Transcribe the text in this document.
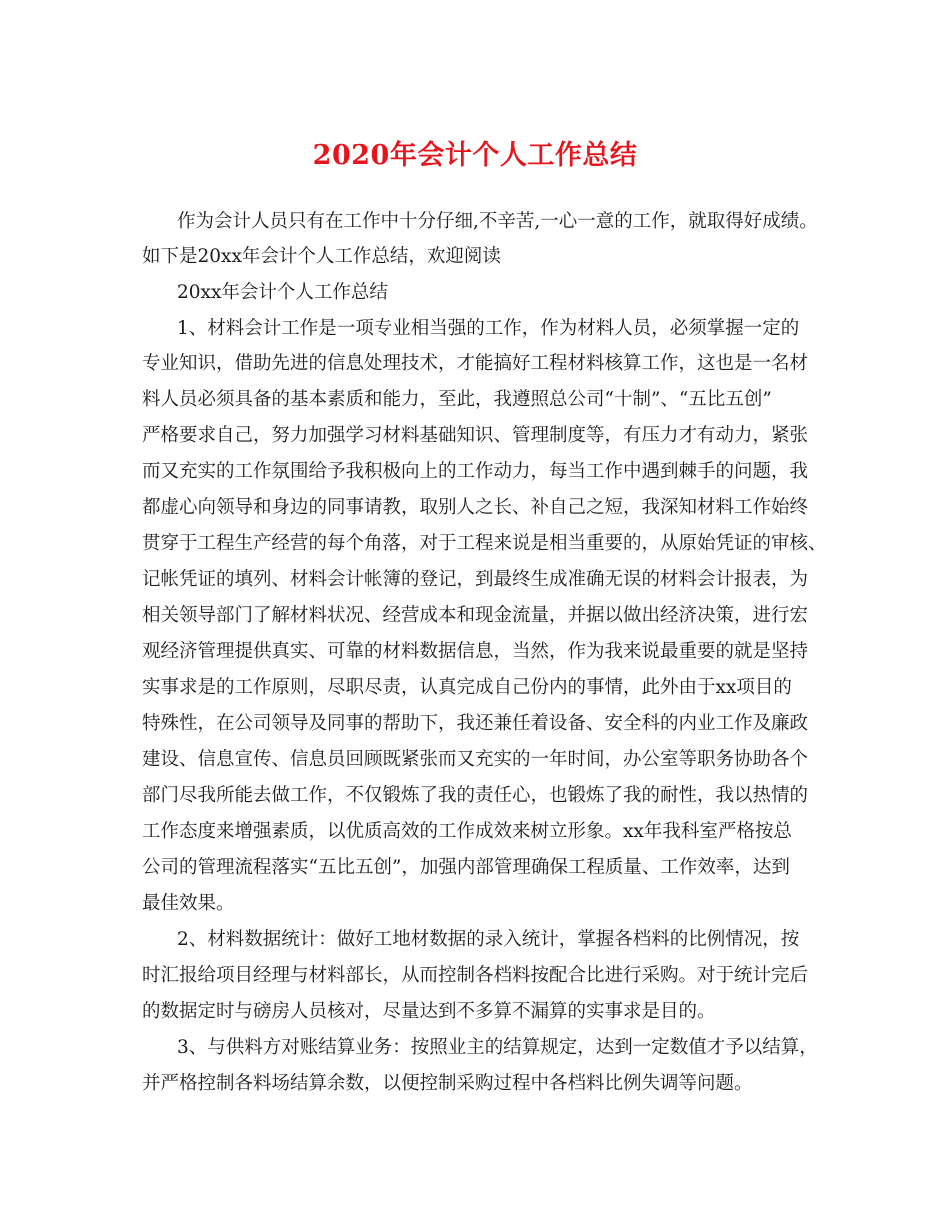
2020年会计个人工作总结
作为会计人员只有在工作中十分仔细,不辛苦,一心一意的工作，就取得好成绩。
如下是20xx年会计个人工作总结，欢迎阅读
20xx年会计个人工作总结
1、材料会计工作是一项专业相当强的工作，作为材料人员，必须掌握一定的
专业知识，借助先进的信息处理技术，才能搞好工程材料核算工作，这也是一名材
料人员必须具备的基本素质和能力，至此，我遵照总公司“十制”、“五比五创”
严格要求自己，努力加强学习材料基础知识、管理制度等，有压力才有动力，紧张
而又充实的工作氛围给予我积极向上的工作动力，每当工作中遇到棘手的问题，我
都虚心向领导和身边的同事请教，取别人之长、补自己之短，我深知材料工作始终
贯穿于工程生产经营的每个角落，对于工程来说是相当重要的，从原始凭证的审核、
记帐凭证的填列、材料会计帐簿的登记，到最终生成准确无误的材料会计报表，为
相关领导部门了解材料状况、经营成本和现金流量，并据以做出经济决策，进行宏
观经济管理提供真实、可靠的材料数据信息，当然，作为我来说最重要的就是坚持
实事求是的工作原则，尽职尽责，认真完成自己份内的事情，此外由于xx项目的
特殊性，在公司领导及同事的帮助下，我还兼任着设备、安全科的内业工作及廉政
建设、信息宣传、信息员回顾既紧张而又充实的一年时间，办公室等职务协助各个
部门尽我所能去做工作，不仅锻炼了我的责任心，也锻炼了我的耐性，我以热情的
工作态度来增强素质，以优质高效的工作成效来树立形象。xx年我科室严格按总
公司的管理流程落实“五比五创”，加强内部管理确保工程质量、工作效率，达到
最佳效果。
2、材料数据统计：做好工地材数据的录入统计，掌握各档料的比例情况，按
时汇报给项目经理与材料部长，从而控制各档料按配合比进行采购。对于统计完后
的数据定时与磅房人员核对，尽量达到不多算不漏算的实事求是目的。
3、与供料方对账结算业务：按照业主的结算规定，达到一定数值才予以结算，
并严格控制各料场结算余数，以便控制采购过程中各档料比例失调等问题。
